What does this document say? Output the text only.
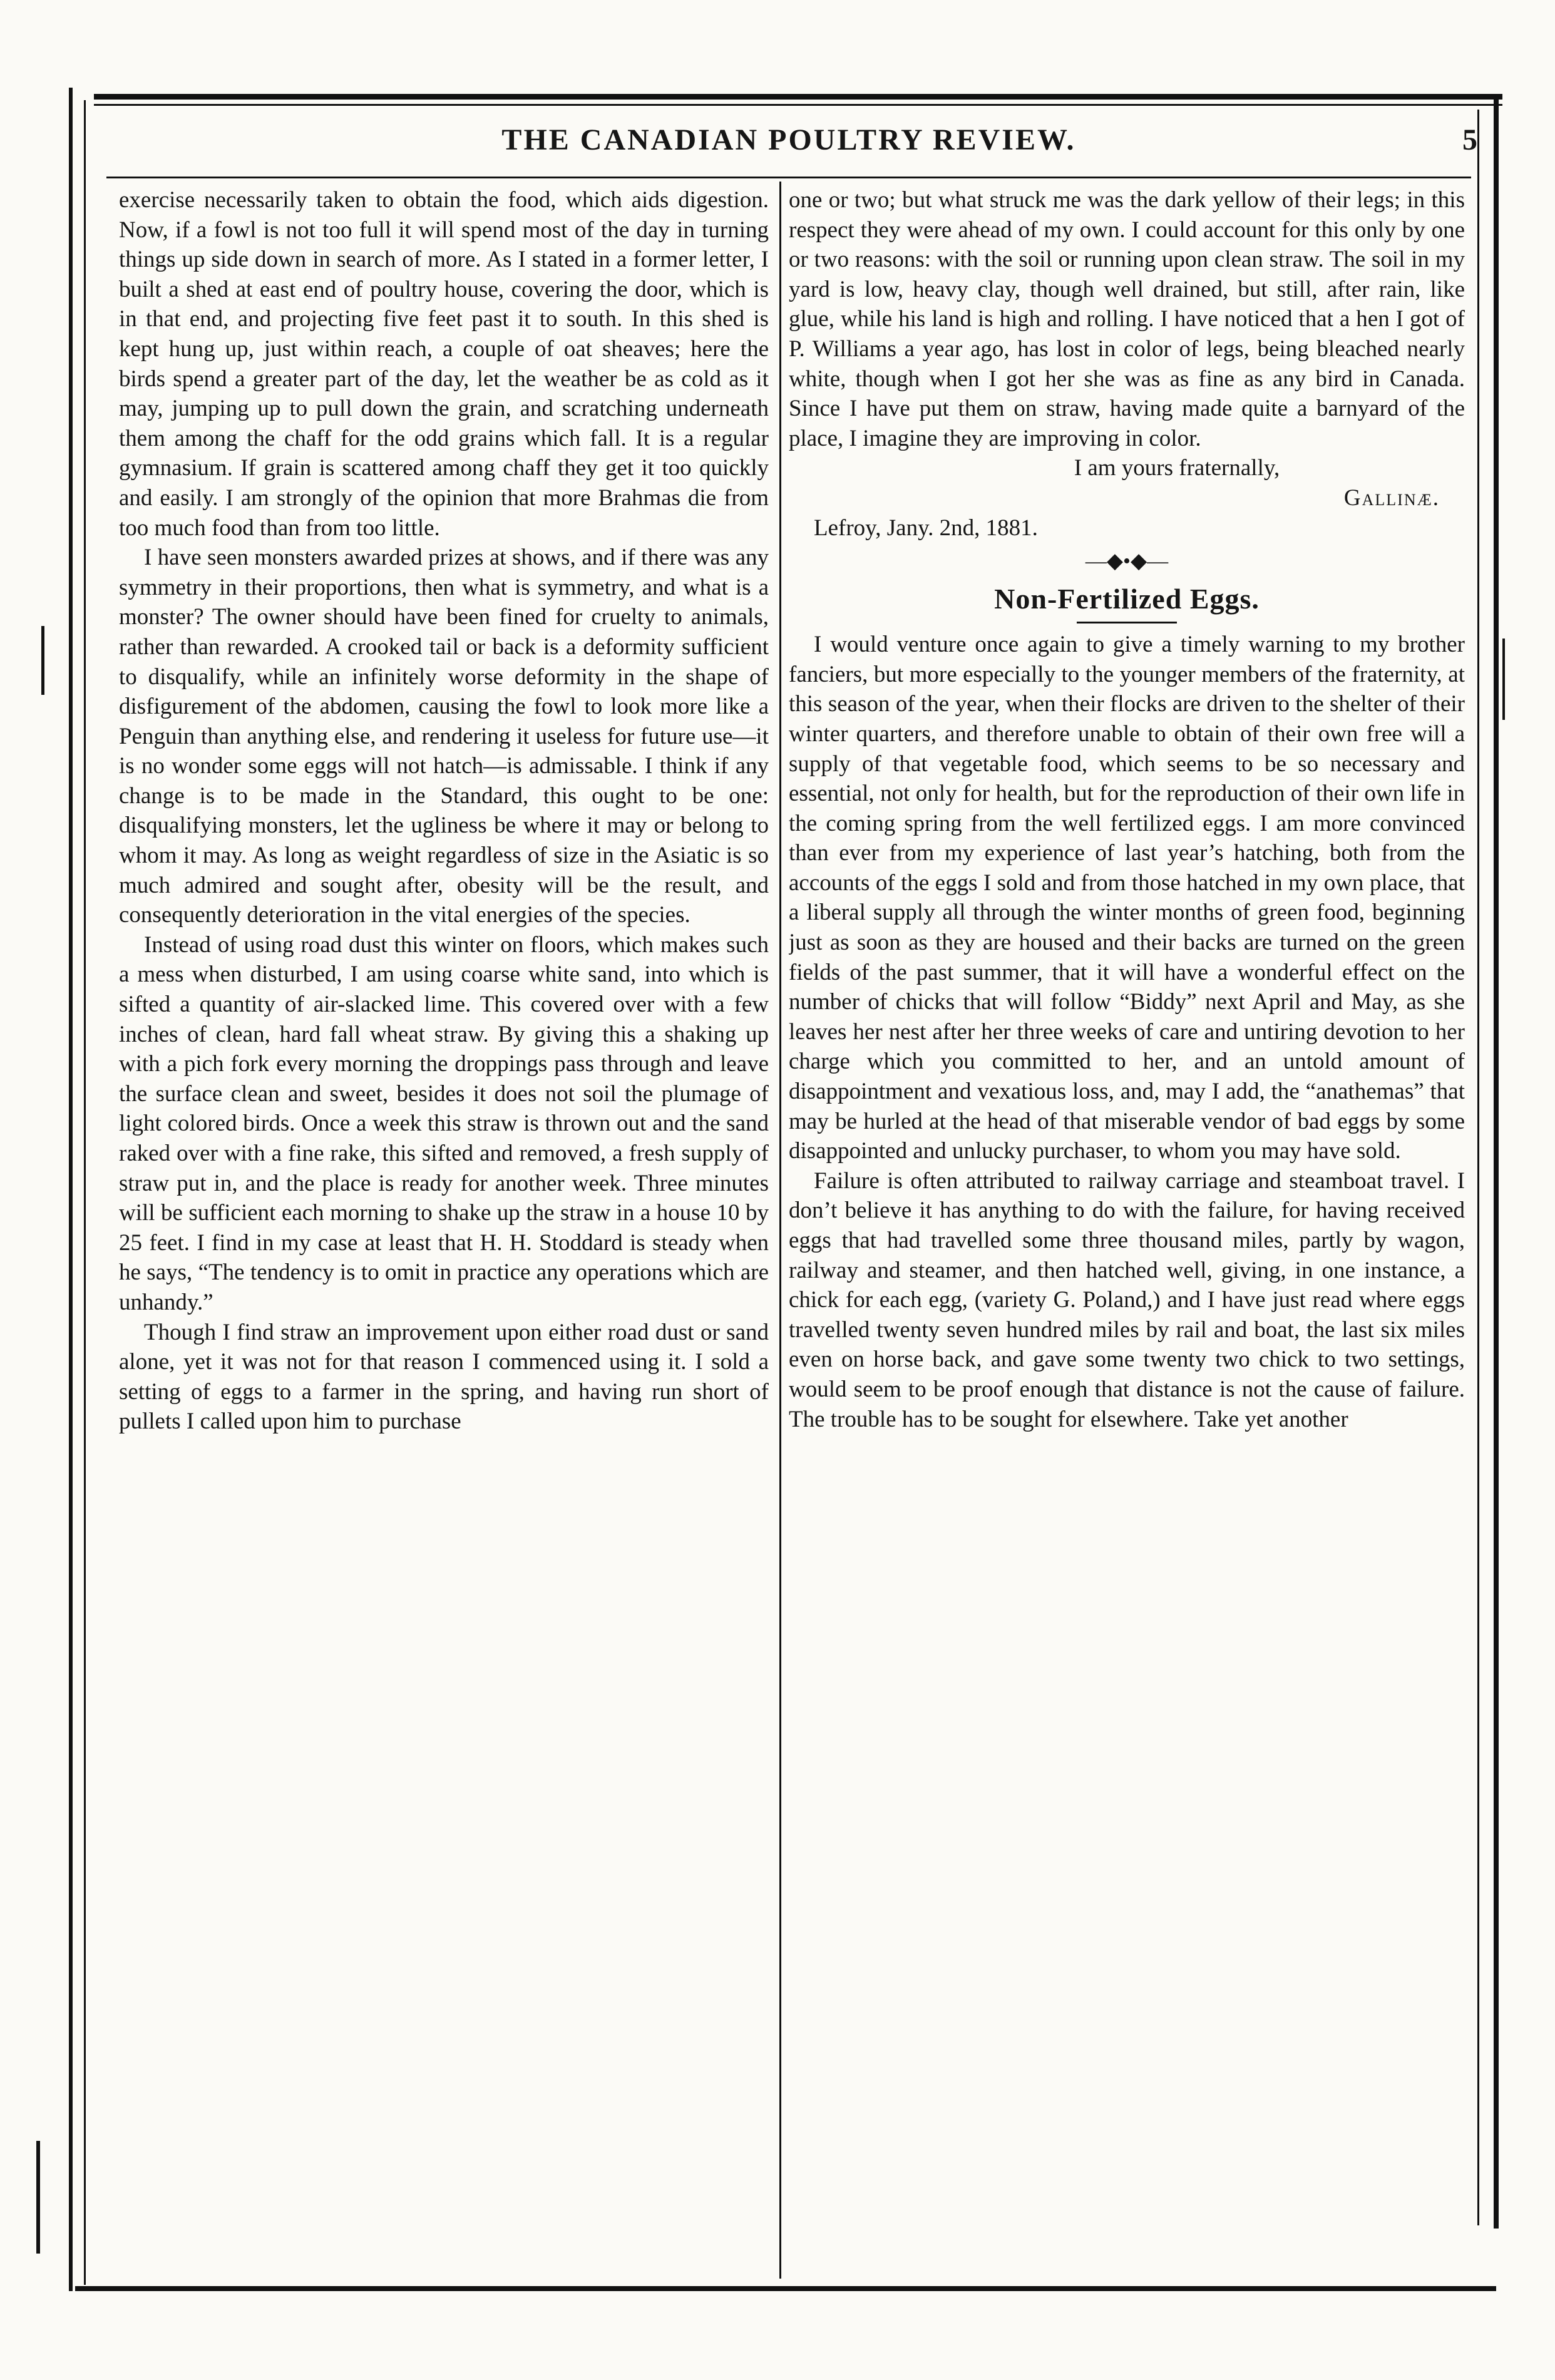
THE CANADIAN POULTRY REVIEW.	5

exercise necessarily taken to obtain the food, which aids digestion. Now, if a fowl is not too full it will spend most of the day in turning things up side down in search of more. As I stated in a former letter, I built a shed at east end of poultry house, covering the door, which is in that end, and projecting five feet past it to south. In this shed is kept hung up, just within reach, a couple of oat sheaves; here the birds spend a greater part of the day, let the weather be as cold as it may, jumping up to pull down the grain, and scratching underneath them among the chaff for the odd grains which fall. It is a regular gymnasium. If grain is scattered among chaff they get it too quickly and easily. I am strongly of the opinion that more Brahmas die from too much food than from too little.

I have seen monsters awarded prizes at shows, and if there was any symmetry in their proportions, then what is symmetry, and what is a monster? The owner should have been fined for cruelty to animals, rather than rewarded. A crooked tail or back is a deformity sufficient to disqualify, while an infinitely worse deformity in the shape of disfigurement of the abdomen, causing the fowl to look more like a Penguin than anything else, and rendering it useless for future use—it is no wonder some eggs will not hatch—is admissable. I think if any change is to be made in the Standard, this ought to be one: disqualifying monsters, let the ugliness be where it may or belong to whom it may. As long as weight regardless of size in the Asiatic is so much admired and sought after, obesity will be the result, and consequently deterioration in the vital energies of the species.

Instead of using road dust this winter on floors, which makes such a mess when disturbed, I am using coarse white sand, into which is sifted a quantity of air-slacked lime. This covered over with a few inches of clean, hard fall wheat straw. By giving this a shaking up with a pich fork every morning the droppings pass through and leave the surface clean and sweet, besides it does not soil the plumage of light colored birds. Once a week this straw is thrown out and the sand raked over with a fine rake, this sifted and removed, a fresh supply of straw put in, and the place is ready for another week. Three minutes will be sufficient each morning to shake up the straw in a house 10 by 25 feet. I find in my case at least that H. H. Stoddard is steady when he says, “The tendency is to omit in practice any operations which are unhandy.”

Though I find straw an improvement upon either road dust or sand alone, yet it was not for that reason I commenced using it. I sold a setting of eggs to a farmer in the spring, and having run short of pullets I called upon him to purchase

one or two; but what struck me was the dark yellow of their legs; in this respect they were ahead of my own. I could account for this only by one or two reasons: with the soil or running upon clean straw. The soil in my yard is low, heavy clay, though well drained, but still, after rain, like glue, while his land is high and rolling. I have noticed that a hen I got of P. Williams a year ago, has lost in color of legs, being bleached nearly white, though when I got her she was as fine as any bird in Canada. Since I have put them on straw, having made quite a barnyard of the place, I imagine they are improving in color.

I am yours fraternally,

Gallinæ.

Lefroy, Jany. 2nd, 1881.

—◆•◆—
Non-Fertilized Eggs.

I would venture once again to give a timely warning to my brother fanciers, but more especially to the younger members of the fraternity, at this season of the year, when their flocks are driven to the shelter of their winter quarters, and therefore unable to obtain of their own free will a supply of that vegetable food, which seems to be so necessary and essential, not only for health, but for the reproduction of their own life in the coming spring from the well fertilized eggs. I am more convinced than ever from my experience of last year’s hatching, both from the accounts of the eggs I sold and from those hatched in my own place, that a liberal supply all through the winter months of green food, beginning just as soon as they are housed and their backs are turned on the green fields of the past summer, that it will have a wonderful effect on the number of chicks that will follow “Biddy” next April and May, as she leaves her nest after her three weeks of care and untiring devotion to her charge which you committed to her, and an untold amount of disappointment and vexatious loss, and, may I add, the “anathemas” that may be hurled at the head of that miserable vendor of bad eggs by some disappointed and unlucky purchaser, to whom you may have sold.

Failure is often attributed to railway carriage and steamboat travel. I don’t believe it has anything to do with the failure, for having received eggs that had travelled some three thousand miles, partly by wagon, railway and steamer, and then hatched well, giving, in one instance, a chick for each egg, (variety G. Poland,) and I have just read where eggs travelled twenty seven hundred miles by rail and boat, the last six miles even on horse back, and gave some twenty two chick to two settings, would seem to be proof enough that distance is not the cause of failure. The trouble has to be sought for elsewhere. Take yet another
